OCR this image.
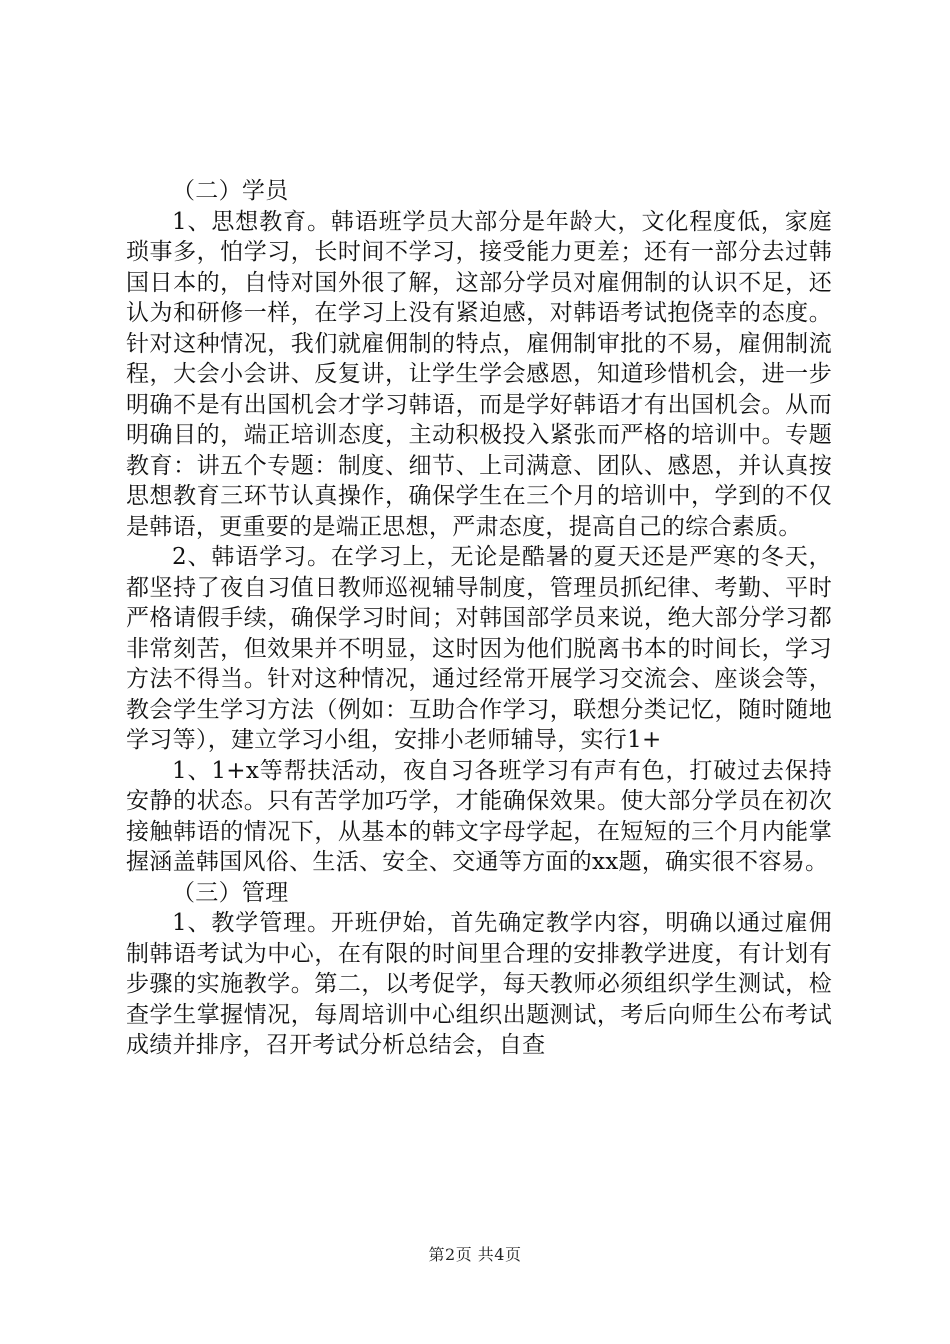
（二）学员

1、思想教育。韩语班学员大部分是年龄大，文化程度低，家庭琐事多，怕学习，长时间不学习，接受能力更差；还有一部分去过韩国日本的，自恃对国外很了解，这部分学员对雇佣制的认识不足，还认为和研修一样，在学习上没有紧迫感，对韩语考试抱侥幸的态度。针对这种情况，我们就雇佣制的特点，雇佣制审批的不易，雇佣制流程，大会小会讲、反复讲，让学生学会感恩，知道珍惜机会，进一步明确不是有出国机会才学习韩语，而是学好韩语才有出国机会。从而明确目的，端正培训态度，主动积极投入紧张而严格的培训中。专题教育：讲五个专题：制度、细节、上司满意、团队、感恩，并认真按思想教育三环节认真操作，确保学生在三个月的培训中，学到的不仅是韩语，更重要的是端正思想，严肃态度，提高自己的综合素质。

2、韩语学习。在学习上，无论是酷暑的夏天还是严寒的冬天，都坚持了夜自习值日教师巡视辅导制度，管理员抓纪律、考勤、平时严格请假手续，确保学习时间；对韩国部学员来说，绝大部分学习都非常刻苦，但效果并不明显，这时因为他们脱离书本的时间长，学习方法不得当。针对这种情况，通过经常开展学习交流会、座谈会等，教会学生学习方法（例如：互助合作学习，联想分类记忆，随时随地学习等），建立学习小组，安排小老师辅导，实行1+

1、1+x等帮扶活动，夜自习各班学习有声有色，打破过去保持安静的状态。只有苦学加巧学，才能确保效果。使大部分学员在初次接触韩语的情况下，从基本的韩文字母学起，在短短的三个月内能掌握涵盖韩国风俗、生活、安全、交通等方面的xx题，确实很不容易。

（三）管理

1、教学管理。开班伊始，首先确定教学内容，明确以通过雇佣制韩语考试为中心，在有限的时间里合理的安排教学进度，有计划有步骤的实施教学。第二，以考促学，每天教师必须组织学生测试，检查学生掌握情况，每周培训中心组织出题测试，考后向师生公布考试成绩并排序，召开考试分析总结会，自查

第2页 共4页
